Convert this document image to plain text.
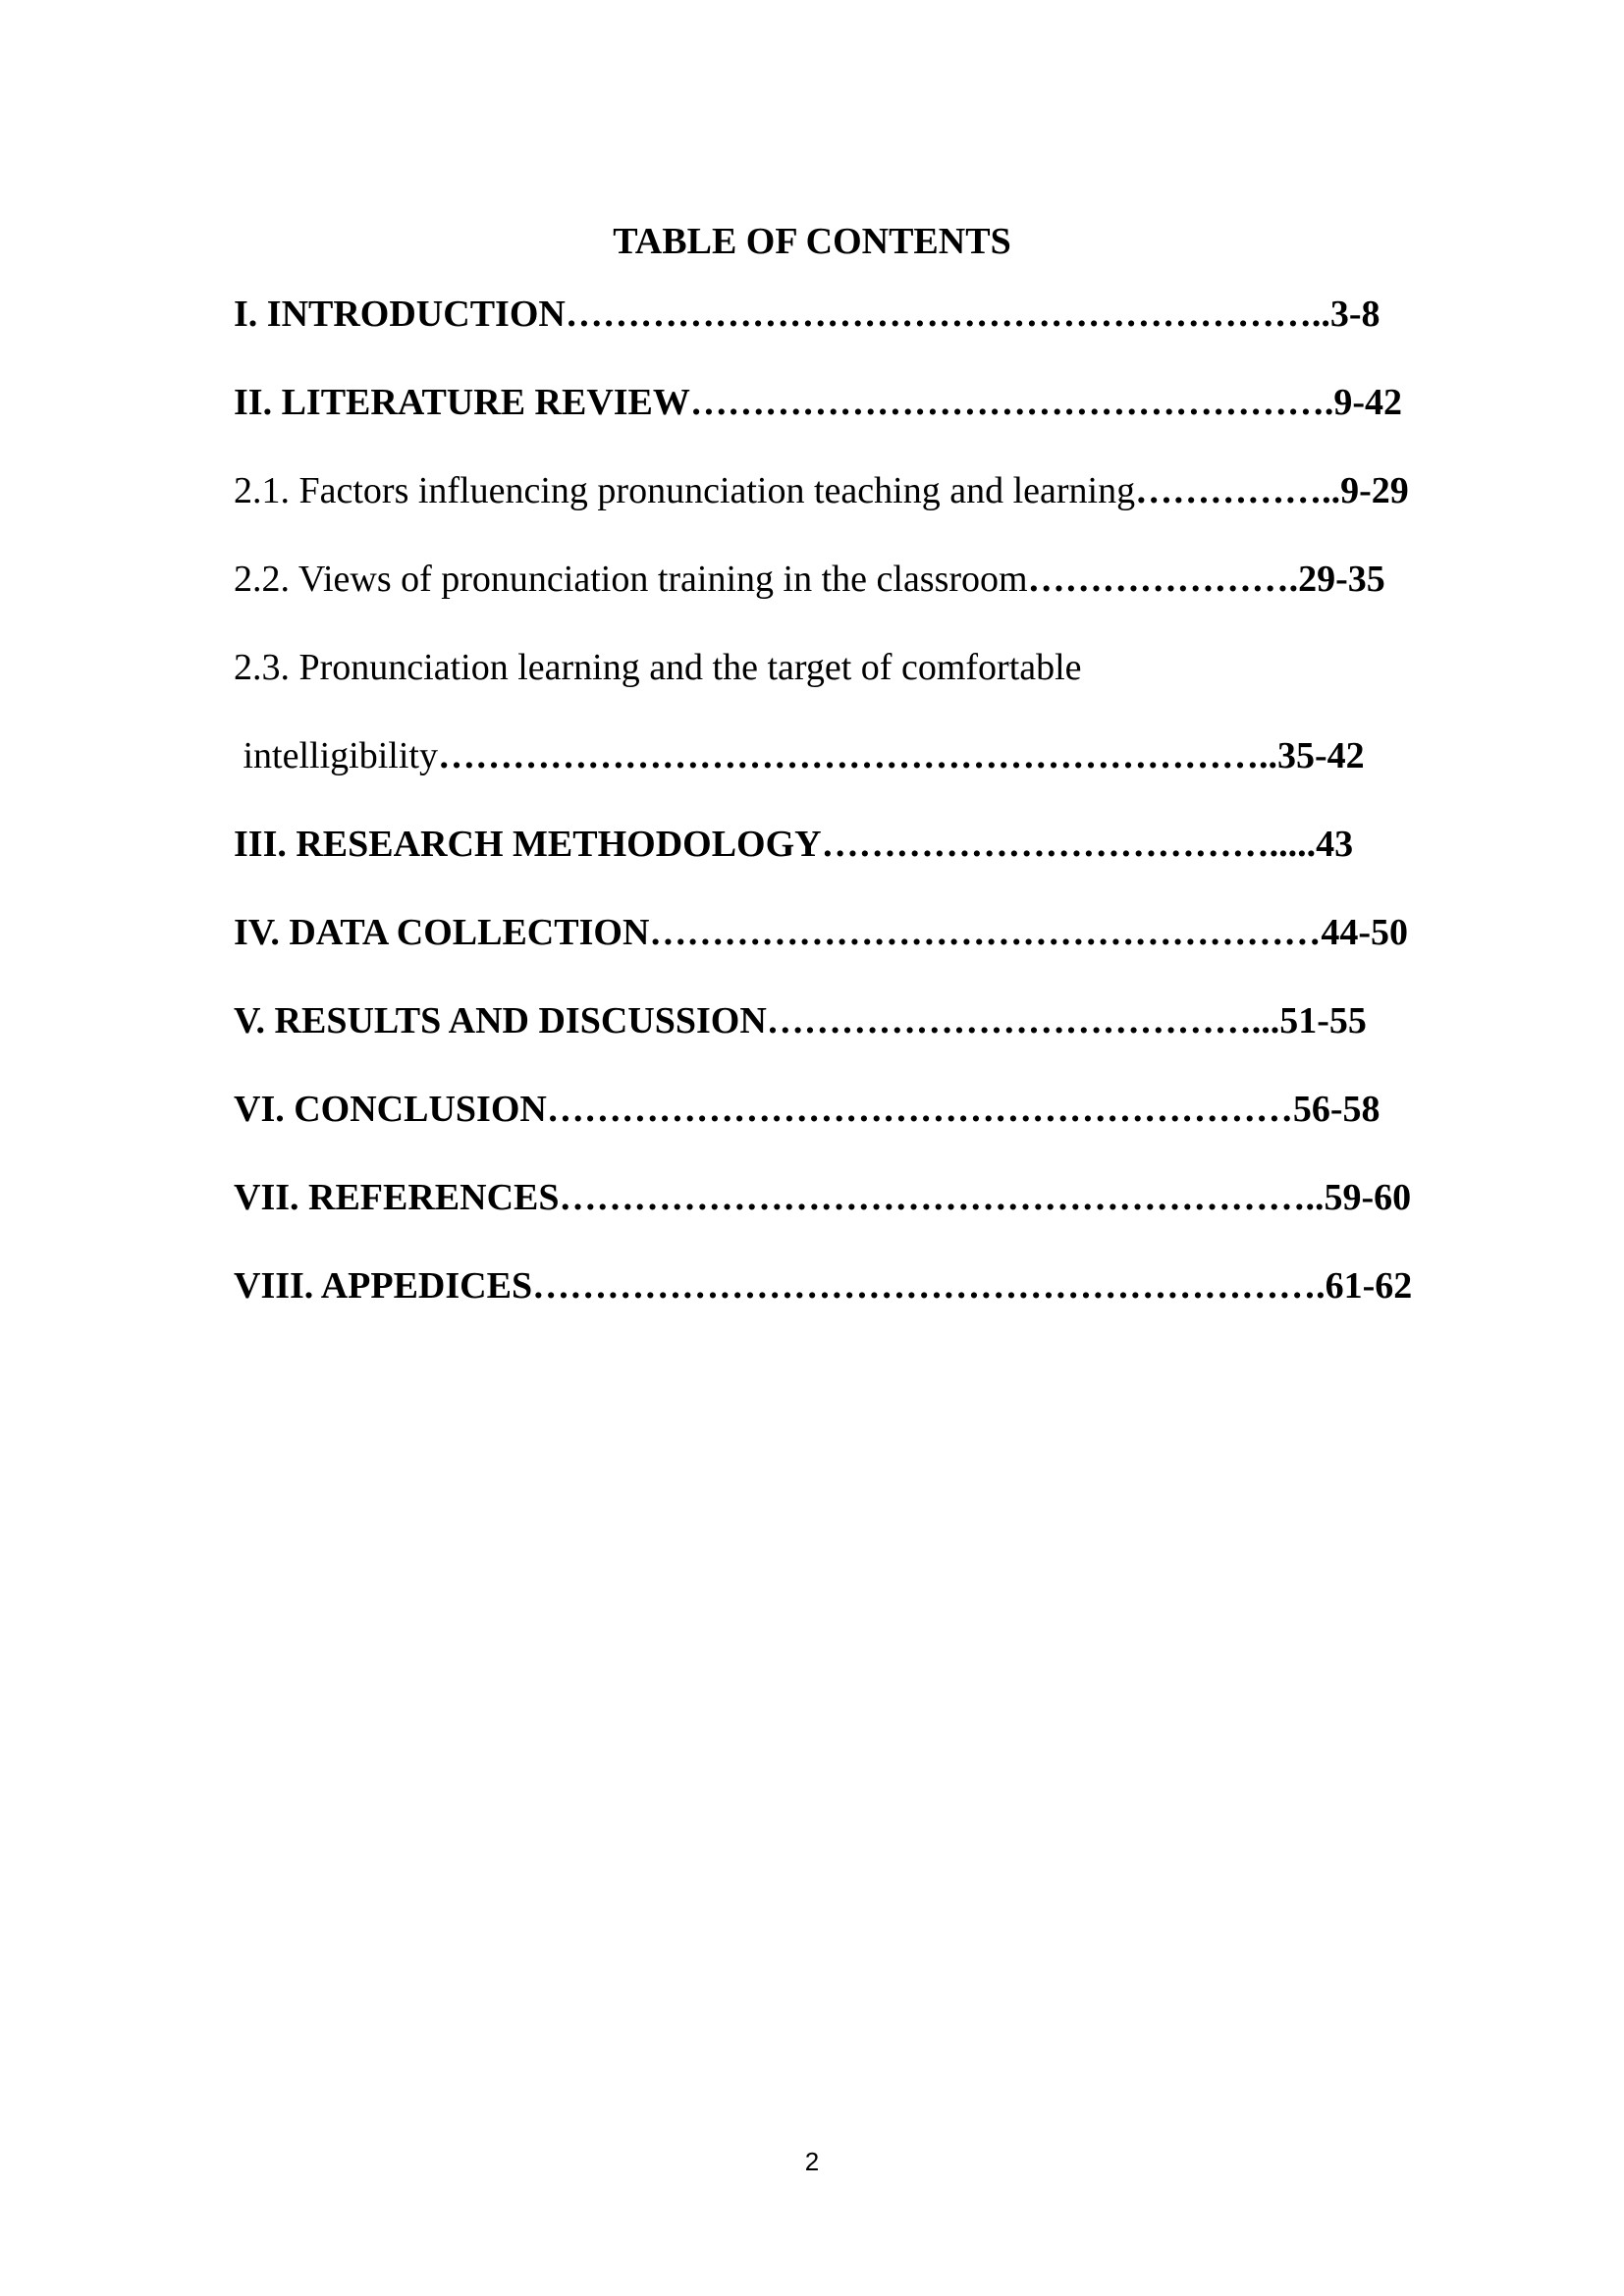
TABLE OF CONTENTS
I. INTRODUCTION……………………………………………………..3-8
II. LITERATURE REVIEW…………………………………………….9-42
2.1. Factors influencing pronunciation teaching and learning……………..9-29
2.2. Views of pronunciation training in the classroom………………….29-35
2.3. Pronunciation learning and the target of comfortable
intelligibility…………………………………………………………..35-42
III. RESEARCH METHODOLOGY……………………………….....43
IV. DATA COLLECTION………………………………………………44-50
V. RESULTS AND DISCUSSION…………………………………...51-55
VI. CONCLUSION……………………………………………………56-58
VII. REFERENCES……………………………………………………..59-60
VIII. APPEDICES……………………………………………………….61-62
2
